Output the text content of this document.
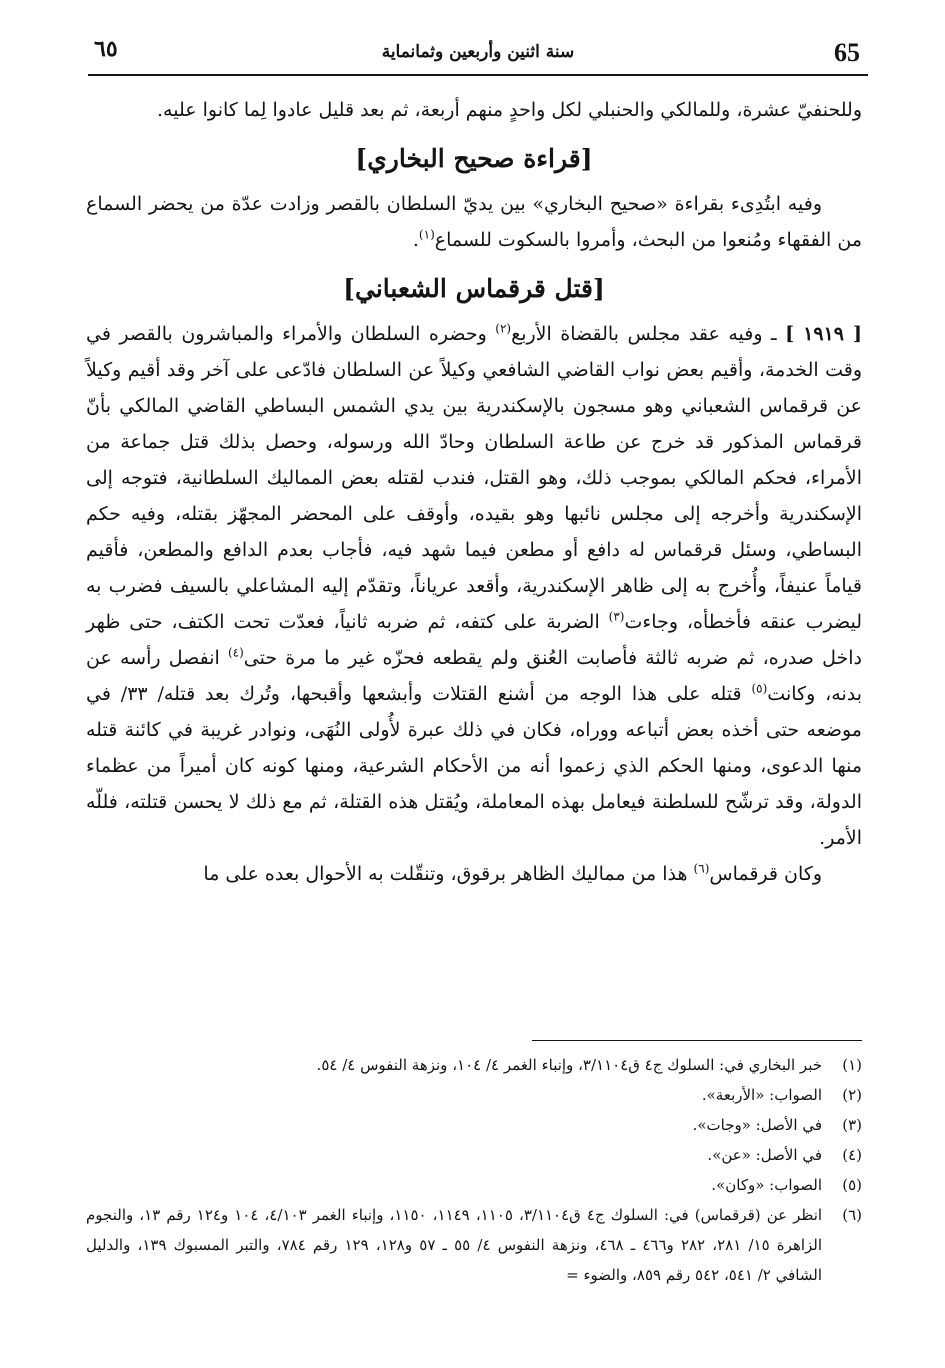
٦٥	سنة اثنين وأربعين وثمانماية	65

وللحنفيّ عشرة، وللمالكي والحنبلي لكل واحدٍ منهم أربعة، ثم بعد قليل عادوا لِما كانوا عليه.

[قراءة صحيح البخاري]

وفيه ابتُدِىء بقراءة «صحيح البخاري» بين يديّ السلطان بالقصر وزادت عدّة من يحضر السماع من الفقهاء ومُنعوا من البحث، وأمروا بالسكوت للسماع$^{(١)}$.

[قتل قرقماس الشعباني]

[ ١٩١٩ ] ـ وفيه عقد مجلس بالقضاة الأربع$^{(٢)}$ وحضره السلطان والأمراء والمباشرون بالقصر في وقت الخدمة، وأقيم بعض نواب القاضي الشافعي وكيلاً عن السلطان فادّعى على آخر وقد أقيم وكيلاً عن قرقماس الشعباني وهو مسجون بالإسكندرية بين يدي الشمس البساطي القاضي المالكي بأنّ قرقماس المذكور قد خرج عن طاعة السلطان وحادّ الله ورسوله، وحصل بذلك قتل جماعة من الأمراء، فحكم المالكي بموجب ذلك، وهو القتل، فندب لقتله بعض المماليك السلطانية، فتوجه إلى الإسكندرية وأخرجه إلى مجلس نائبها وهو بقيده، وأوقف على المحضر المجهّز بقتله، وفيه حكم البساطي، وسئل قرقماس له دافع أو مطعن فيما شهد فيه، فأجاب بعدم الدافع والمطعن، فأقيم قياماً عنيفاً، وأُخرج به إلى ظاهر الإسكندرية، وأقعد عرياناً، وتقدّم إليه المشاعلي بالسيف فضرب به ليضرب عنقه فأخطأه، وجاءت$^{(٣)}$ الضربة على كتفه، ثم ضربه ثانياً، فعدّت تحت الكتف، حتى ظهر داخل صدره، ثم ضربه ثالثة فأصابت العُنق ولم يقطعه فحزّه غير ما مرة حتى$^{(٤)}$ انفصل رأسه عن بدنه، وكانت$^{(٥)}$ قتله على هذا الوجه من أشنع القتلات وأبشعها وأقبحها، وتُرك بعد قتله/ ٣٣/ في موضعه حتى أخذه بعض أتباعه ووراه، فكان في ذلك عبرة لأُولى النُهَى، ونوادر غريبة في كائنة قتله منها الدعوى، ومنها الحكم الذي زعموا أنه من الأحكام الشرعية، ومنها كونه كان أميراً من عظماء الدولة، وقد ترشّح للسلطنة فيعامل بهذه المعاملة، ويُقتل هذه القتلة، ثم مع ذلك لا يحسن قتلته، فللّه الأمر.

وكان قرقماس$^{(٦)}$ هذا من مماليك الظاهر برقوق، وتنقّلت به الأحوال بعده على ما

(١)
خبر البخاري في: السلوك ج٤ ق٣/١١٠٤، وإنباء الغمر ٤/ ١٠٤، ونزهة النفوس ٤/ ٥٤.
(٢)
الصواب: «الأربعة».
(٣)
في الأصل: «وجات».
(٤)
في الأصل: «عن».
(٥)
الصواب: «وكان».
(٦)
انظر عن (قرقماس) في: السلوك ج٤ ق٣/١١٠٤، ١١٠٥، ١١٤٩، ١١٥٠، وإنباء الغمر ٤/١٠٣، ١٠٤ و١٢٤ رقم ١٣، والنجوم الزاهرة ١٥/ ٢٨١، ٢٨٢ و٤٦٦ ـ ٤٦٨، ونزهة النفوس ٤/ ٥٥ ـ ٥٧ و١٢٨، ١٢٩ رقم ٧٨٤، والتبر المسبوك ١٣٩، والدليل الشافي ٢/ ٥٤١، ٥٤٢ رقم ٨٥٩، والضوء =
